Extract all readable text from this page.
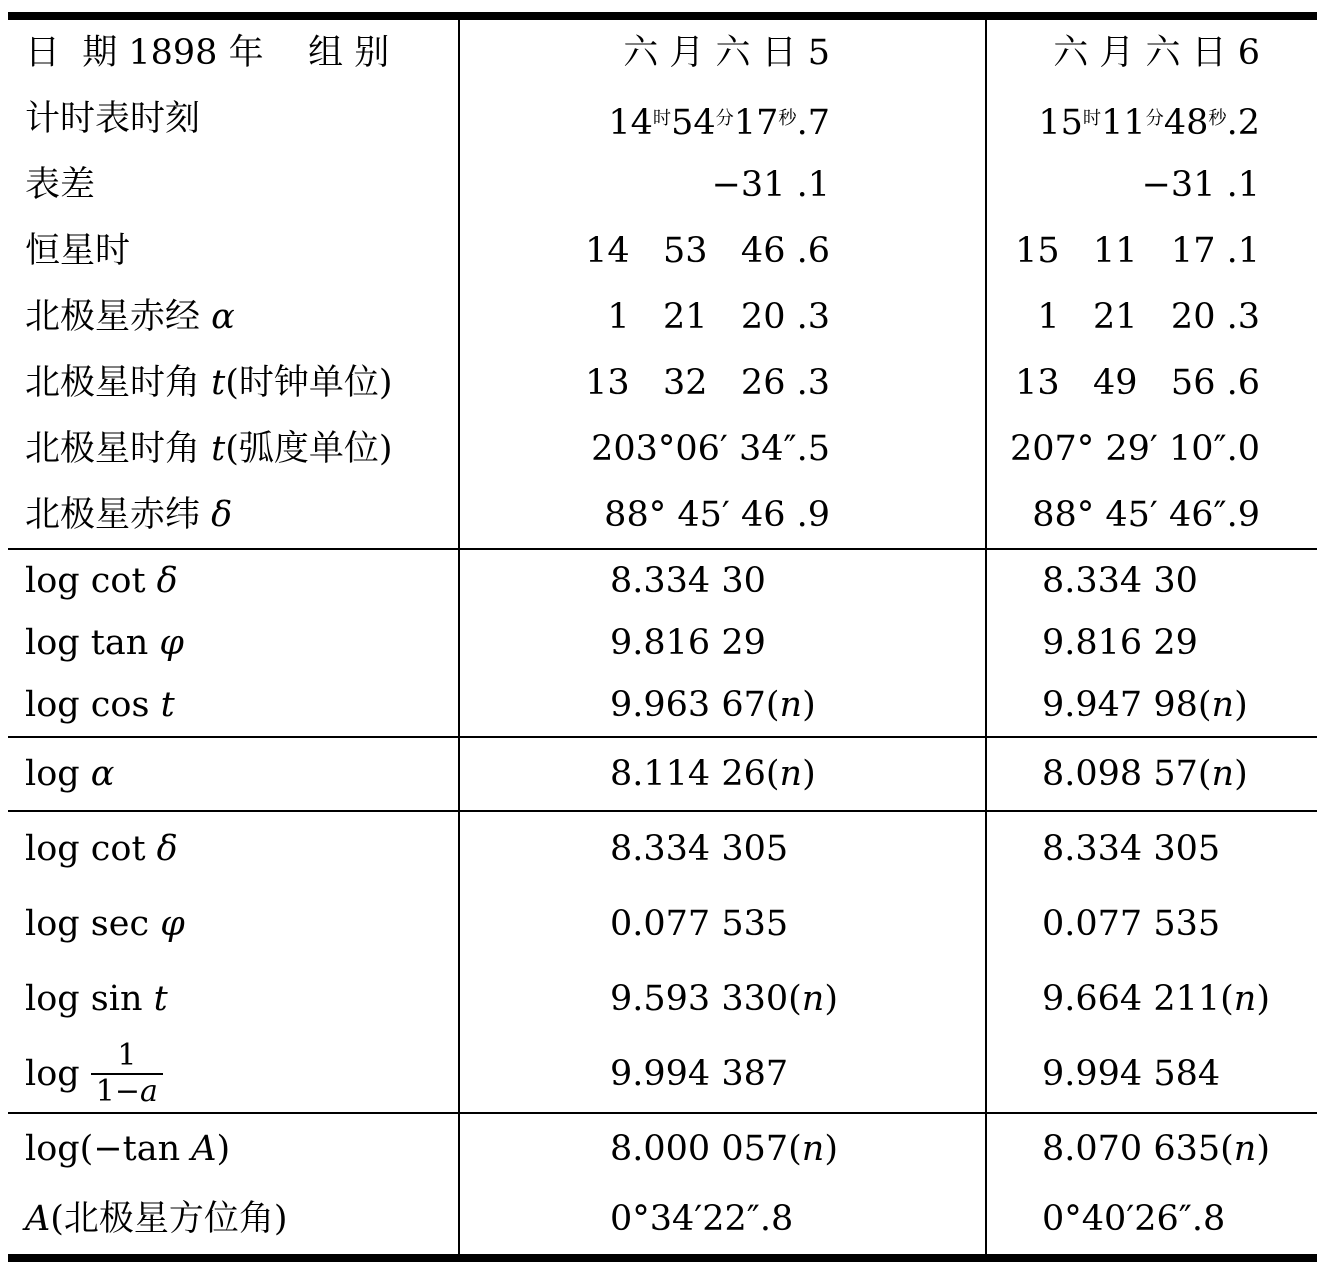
日  期 1898 年    组 别	六 月 六 日 5	六 月 六 日 6
计时表时刻	$14^时54^分17^秒.7$	$15^时11^分48^秒.2$
表差	−31 .1	−31 .1
恒星时	14   53   46 .6	15   11   17 .1
北极星赤经 α	1   21   20 .3	1   21   20 .3
北极星时角 t(时钟单位)	13   32   26 .3	13   49   56 .6
北极星时角 t(弧度单位)	203°06′ 34″.5	207° 29′ 10″.0
北极星赤纬 δ	88° 45′ 46 .9	88° 45′ 46″.9
log cot δ	8.334 30	8.334 30
log tan φ	9.816 29	9.816 29
log cos t	9.963 67(n)	9.947 98(n)
log α	8.114 26(n)	8.098 57(n)
log cot δ	8.334 305	8.334 305
log sec φ	0.077 535	0.077 535
log sin t	9.593 330(n)	9.664 211(n)
$\log \frac{1}{1-a}$	9.994 387	9.994 584
log(−tan A)	8.000 057(n)	8.070 635(n)
A(北极星方位角)	0°34′22″.8	0°40′26″.8
